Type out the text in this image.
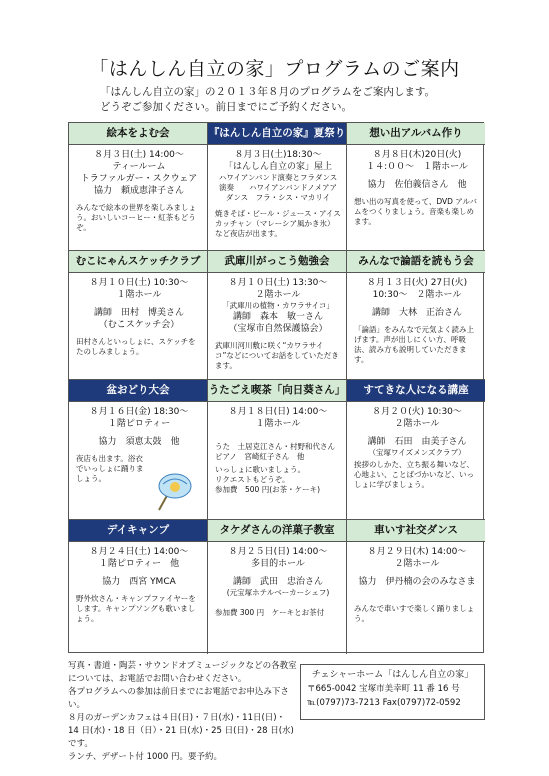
「はんしん自立の家」プログラムのご案内
「はんしん自立の家」の２０１３年８月のプログラムをご案内します。
どうぞご参加ください。前日までにご予約ください。
絵本をよむ会
８月３日(土) 14:00〜
ティールーム
トラファルガー・スクウェア
協力　頼成恵津子さん
みんなで絵本の世界を楽しみましょう。おいしいコーヒー・紅茶もどうぞ。
『はんしん自立の家』夏祭り
８月３日(土)18:30〜
「はんしん自立の家」屋上
ハワイアンバンド演奏とフラダンス
演奏　　ハワイアンバンドノメアア
ダンス　フラ・シス・マカリイ
焼きそば・ビール・ジュース・アイスカッチャン（マレーシア風かき氷）など夜店が出ます。
想い出アルバム作り
８月８日(木)20日(火)
１４:００〜　１階ホール
協力　佐伯義信さん　他
想い出の写真を使って、DVD アルバムをつくりましょう。音楽も楽しめます。
むこにゃんスケッチクラブ
８月１０日(土) 10:30〜
１階ホール
講師　田村　博美さん
（むこスケッチ会）
田村さんといっしょに、スケッチをたのしみましょう。
武庫川がっこう勉強会
８月１０日(土) 13:30〜
２階ホール
「武庫川の植物・カワラサイコ」
講師　森本　敏一さん
（宝塚市自然保護協会）
武庫川河川敷に咲く“カワラサイコ”などについてお話をしていただきます。
みんなで論語を読もう会
８月１３日(火) 27日(火)
10:30〜　２階ホール
講師　大林　正治さん
「論語」をみんなで元気よく読み上げます。声が出しにくい方、呼吸法、読み方も説明していただきます。
盆おどり大会
８月１６日(金) 18:30〜
１階ピロティー
協力　須恵太鼓　他
夜店も出ます。浴衣でいっしょに踊りましょう。
うたごえ喫茶「向日葵さん」
８月１８日(日) 14:00〜
１階ホール
うた　土居克江さん・村野和代さん
ピアノ　宮崎紅子さん　他
いっしょに歌いましょう。
リクエストもどうぞ。
参加費　500 円(お茶・ケーキ)
すてきな人になる講座
８月２０(火) 10:30〜
２階ホール
講師　石田　由美子さん
（宝塚ワイズメンズクラブ）
挨拶のしかた、立ち振る舞いなど、心地よい、ことばづかいなど、いっしょに学びましょう。
デイキャンプ
８月２４日(土) 14:00〜
１階ピロティー　他
協力　西宮 YMCA
野外炊さん・キャンプファイヤーをします。キャンプソングも歌いましょう。
タケダさんの洋菓子教室
８月２５日(日) 14:00〜
多目的ホール
講師　武田　忠治さん
(元宝塚ホテルベーカーシェフ)
参加費 300 円　ケーキとお茶付
車いす社交ダンス
８月２９日(木) 14:00〜
２階ホール
協力　伊丹楠の会のみなさま
みんなで車いすで楽しく踊りましょう。
写真・書道・陶芸・サウンドオブミュージックなどの各教室については、お電話でお問い合わせください。
各プログラムへの参加は前日までにお電話でお申込み下さい。
８月のガーデンカフェは４日(日)・７日(水)・11日(日)・
14 日(水)・18 日（日）・21 日(水)・25 日(日)・28 日(水)です。
ランチ、デザート付 1000 円。要予約。
チェシャーホーム「はんしん自立の家」
〒665-0042 宝塚市美幸町 11 番 16 号
℡(0797)73-7213 Fax(0797)72-0592
